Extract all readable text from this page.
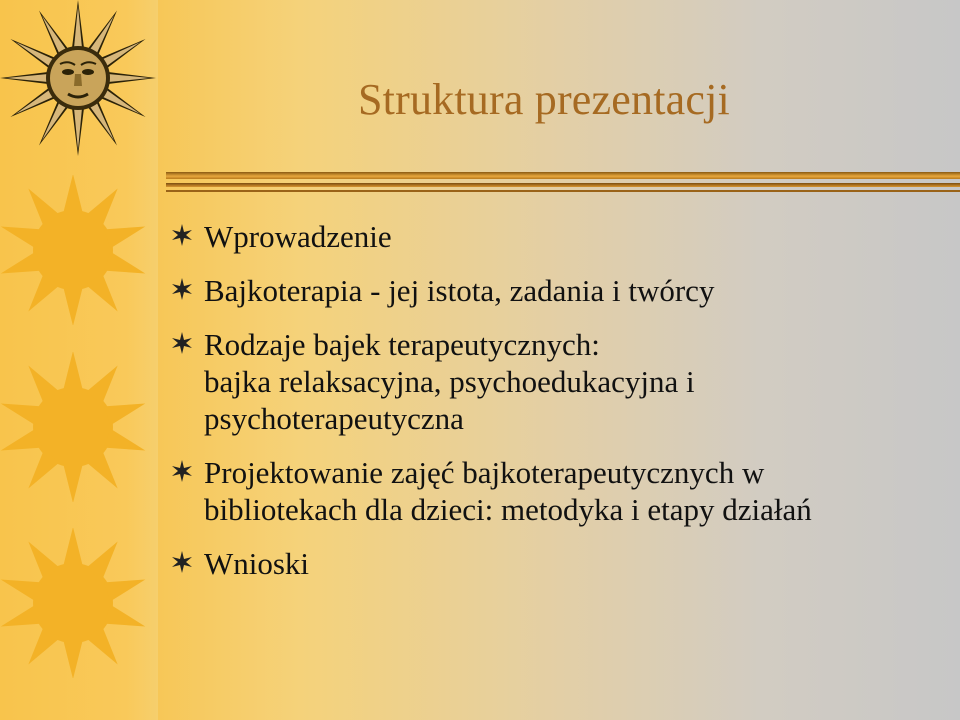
Struktura prezentacji
Wprowadzenie
Bajkoterapia - jej istota, zadania i twórcy
Rodzaje bajek terapeutycznych:
bajka relaksacyjna, psychoedukacyjna i
psychoterapeutyczna
Projektowanie zajęć bajkoterapeutycznych w
bibliotekach dla dzieci: metodyka i etapy działań
Wnioski
